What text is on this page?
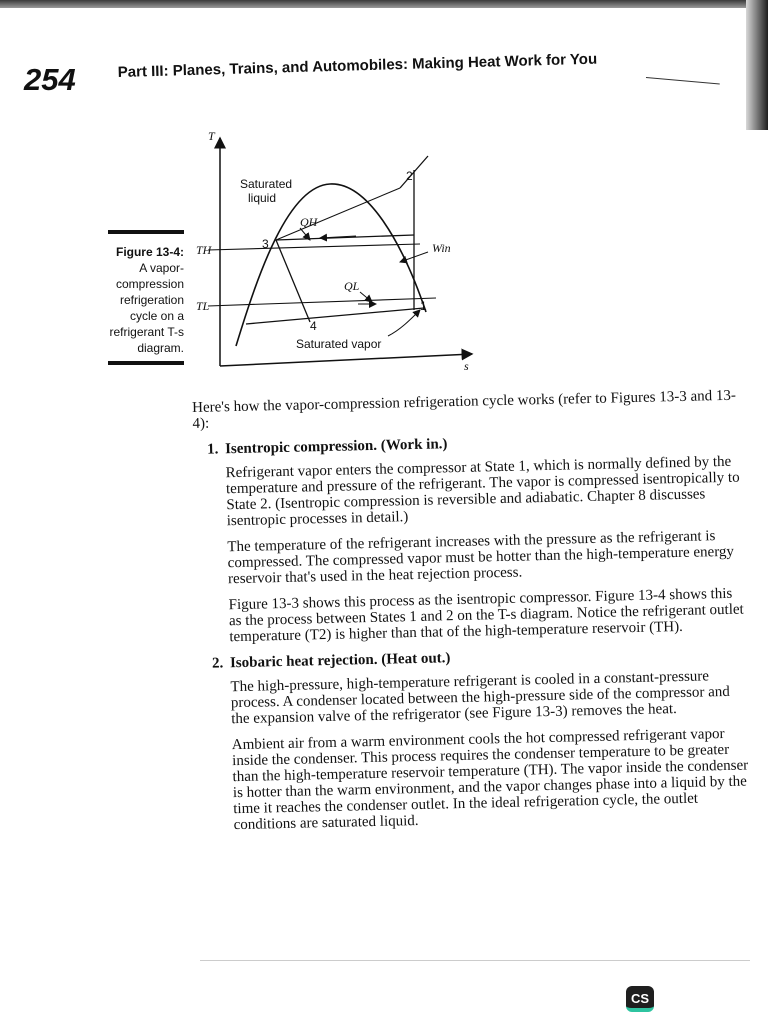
254	Part III: Planes, Trains, and Automobiles: Making Heat Work for You
Figure 13-4:
A vapor-compression refrigeration cycle on a refrigerant T-s diagram.
T
s
TH
TL
Saturated
liquid
Saturated vapor
QH
QL
Win
1
2
3
4

Here's how the vapor-compression refrigeration cycle works (refer to Figures 13-3 and 13-4):

1. Isentropic compression. (Work in.)

Refrigerant vapor enters the compressor at State 1, which is normally defined by the temperature and pressure of the refrigerant. The vapor is compressed isentropically to State 2. (Isentropic compression is reversible and adiabatic. Chapter 8 discusses isentropic processes in detail.)

The temperature of the refrigerant increases with the pressure as the refrigerant is compressed. The compressed vapor must be hotter than the high-temperature energy reservoir that's used in the heat rejection process.

Figure 13-3 shows this process as the isentropic compressor. Figure 13-4 shows this as the process between States 1 and 2 on the T-s diagram. Notice the refrigerant outlet temperature (T2) is higher than that of the high-temperature reservoir (TH).

2. Isobaric heat rejection. (Heat out.)

The high-pressure, high-temperature refrigerant is cooled in a constant-pressure process. A condenser located between the high-pressure side of the compressor and the expansion valve of the refrigerator (see Figure 13-3) removes the heat.

Ambient air from a warm environment cools the hot compressed refrigerant vapor inside the condenser. This process requires the condenser temperature to be greater than the high-temperature reservoir temperature (TH). The vapor inside the condenser is hotter than the warm environment, and the vapor changes phase into a liquid by the time it reaches the condenser outlet. In the ideal refrigeration cycle, the outlet conditions are saturated liquid.

CS
